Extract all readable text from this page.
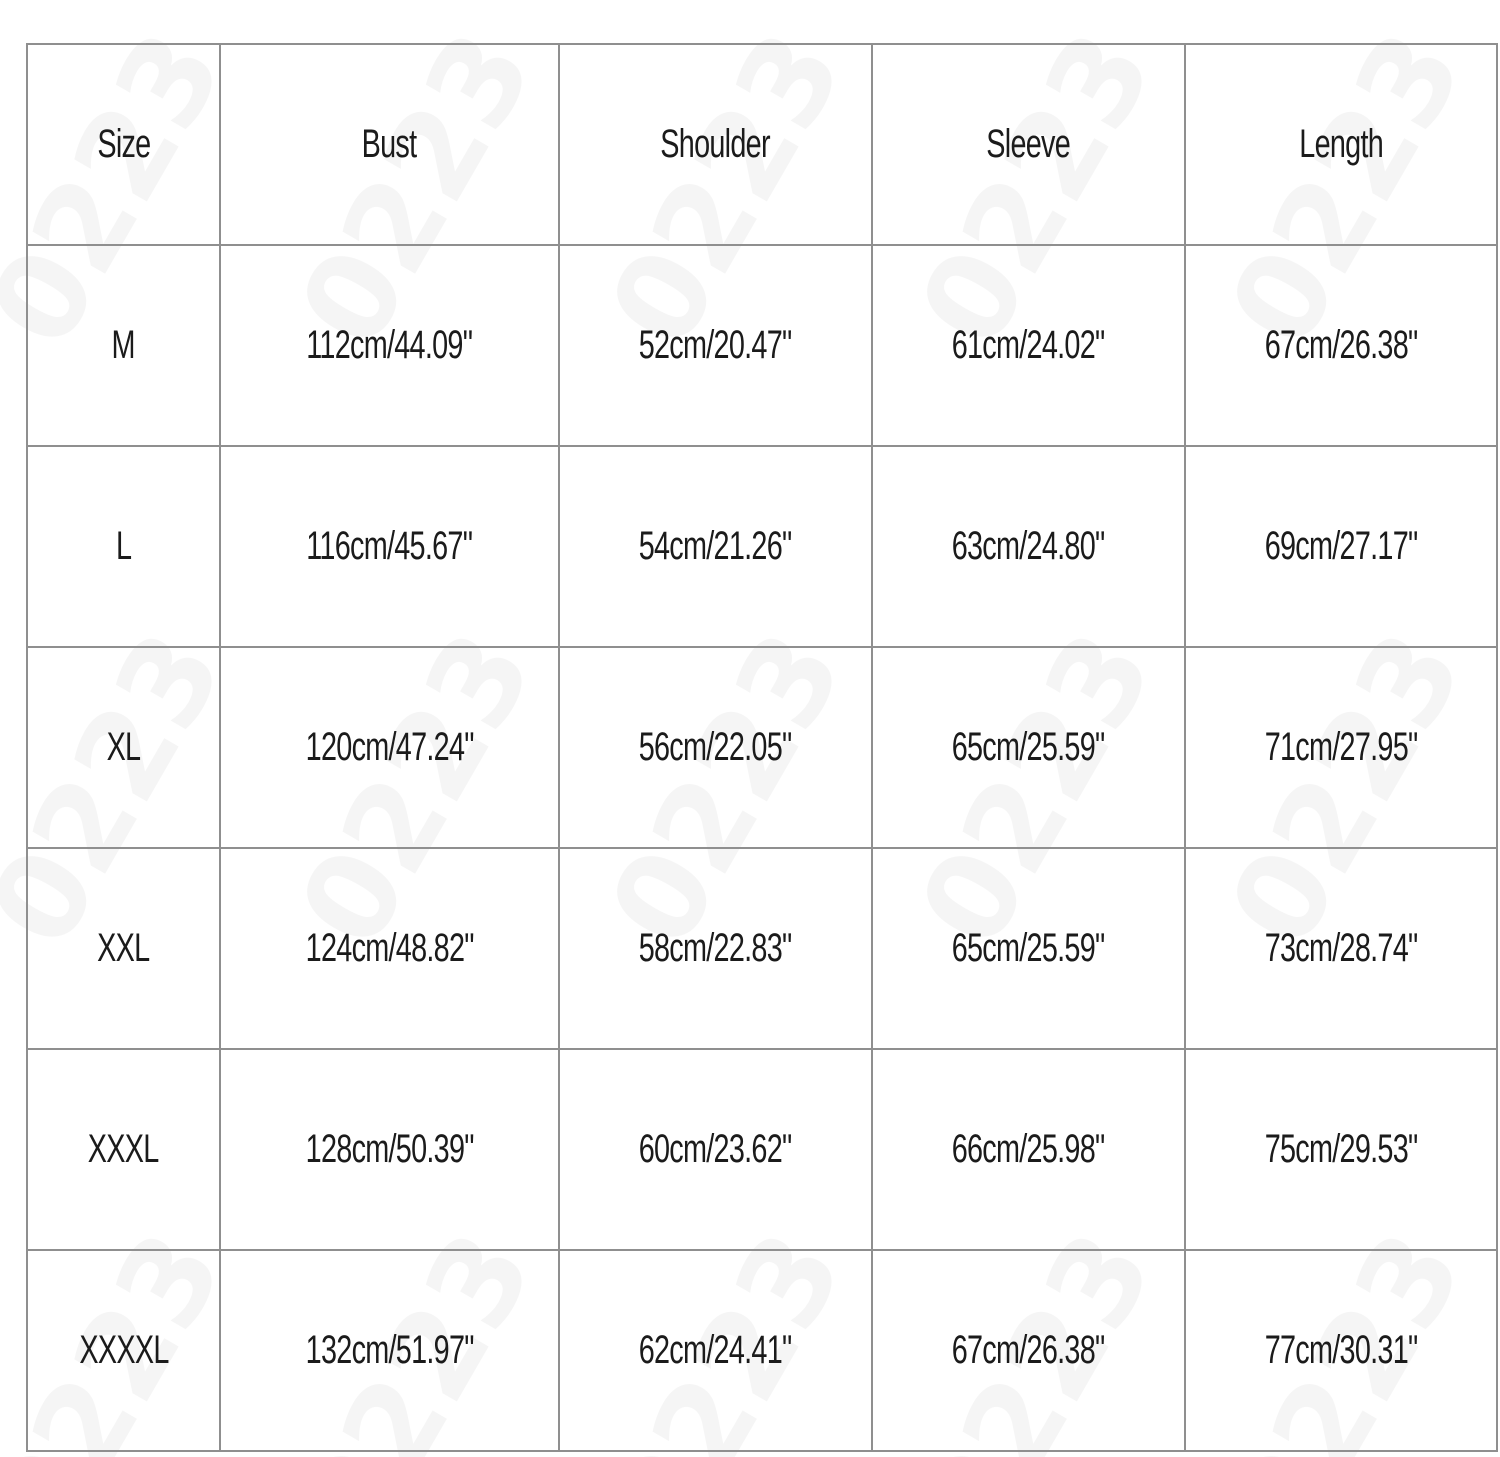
Size	Bust	Shoulder	Sleeve	Length
M	112cm/44.09"	52cm/20.47"	61cm/24.02"	67cm/26.38"
L	116cm/45.67"	54cm/21.26"	63cm/24.80"	69cm/27.17"
XL	120cm/47.24"	56cm/22.05"	65cm/25.59"	71cm/27.95"
XXL	124cm/48.82"	58cm/22.83"	65cm/25.59"	73cm/28.74"
XXXL	128cm/50.39"	60cm/23.62"	66cm/25.98"	75cm/29.53"
XXXXL	132cm/51.97"	62cm/24.41"	67cm/26.38"	77cm/30.31"
